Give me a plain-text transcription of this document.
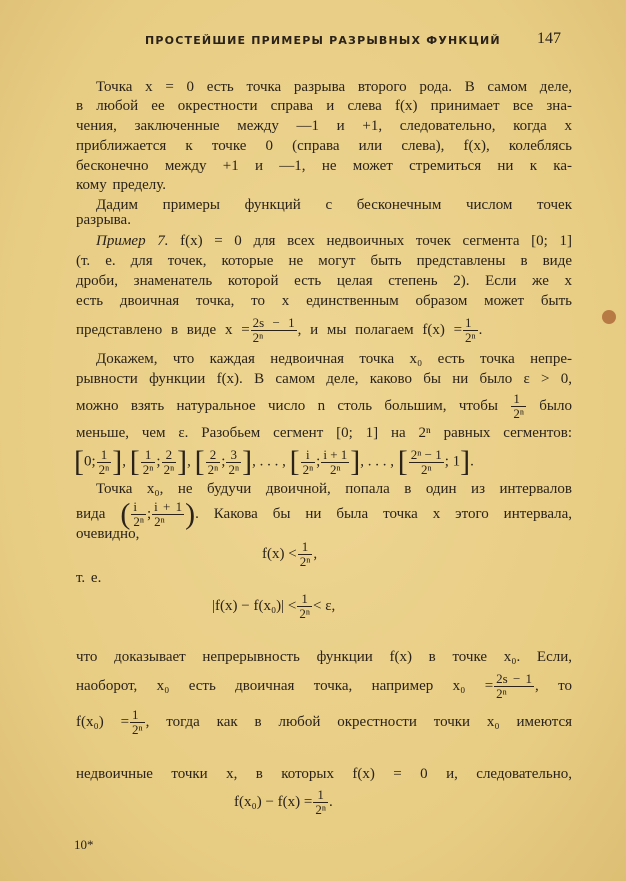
ПРОСТЕЙШИЕ ПРИМЕРЫ РАЗРЫВНЫХ ФУНКЦИЙ 147
Точка x = 0 есть точка разрыва второго рода. В самом деле,
в любой ее окрестности справа и слева f(x) принимает все зна-
чения, заключенные между —1 и +1, следовательно, когда x
приближается к точке 0 (справа или слева), f(x), колеблясь
бесконечно между +1 и —1, не может стремиться ни к ка-
кому пределу.
Дадим примеры функций с бесконечным числом точек
разрыва.
Пример 7. f(x) = 0 для всех недвоичных точек сегмента [0; 1]
(т. е. для точек, которые не могут быть представлены в виде
дроби, знаменатель которой есть целая степень 2). Если же x
есть двоичная точка, то x единственным образом может быть
представлено в виде $x = \frac{2s - 1}{\text{2ⁿ}}$ , и мы полагаем $f(x) = \frac{1}{\text{2ⁿ}}$ .
Докажем, что каждая недвоичная точка x₀ есть точка непре-
рывности функции f(x). В самом деле, каково бы ни было ε > 0,
можно взять натуральное число n столь большим, чтобы $\frac{1}{\text{2ⁿ}}$ было
меньше, чем ε. Разобьем сегмент [0; 1] на 2ⁿ равных сегментов:
[0; $\frac{1}{\text{2ⁿ}}$ ], [ $\frac{1}{\text{2ⁿ}}$ ; $\frac{2}{\text{2ⁿ}}$ ], [ $\frac{2}{\text{2ⁿ}}$ ; $\frac{3}{\text{2ⁿ}}$ ], . . . , [ $\frac{i}{\text{2ⁿ}}$ ; $\frac{i + 1}{\text{2ⁿ}}$ ], . . . , [ $\frac{\text{2ⁿ − 1}}{\text{2ⁿ}}$ ; 1].
Точка x₀, не будучи двоичной, попала в один из интервалов
вида ( $\frac{i}{\text{2ⁿ}}$ ; $\frac{i + 1}{\text{2ⁿ}}$ ). Какова бы ни была точка x этого интервала,
очевидно,
$f(x) < \frac{1}{\text{2ⁿ}}$ ,
т. е.
$|f(x) - f(x_0)| < \frac{1}{\text{2ⁿ}} < \varepsilon$,
что доказывает непрерывность функции f(x) в точке x₀. Если,
наоборот, x₀ есть двоичная точка, например $x_0 = \frac{2s - 1}{\text{2ⁿ}}$ , то
$f(x_0) = \frac{1}{\text{2ⁿ}}$ , тогда как в любой окрестности точки x₀ имеются
недвоичные точки x, в которых f(x) = 0 и, следовательно,
$f(x_0) - f(x) = \frac{1}{\text{2ⁿ}}$ .
10*
